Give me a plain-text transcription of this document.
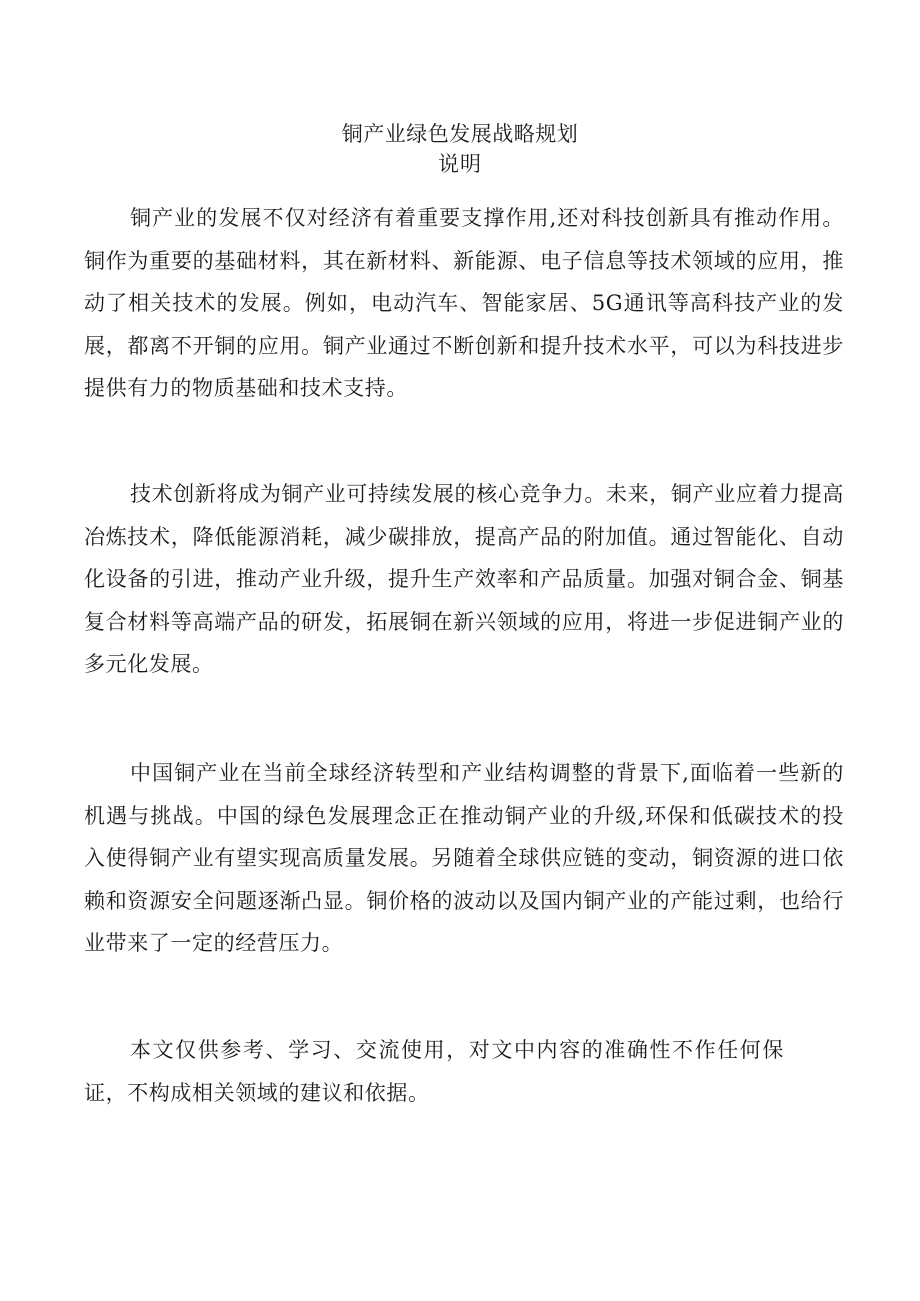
铜产业绿色发展战略规划
说明

铜产业的发展不仅对经济有着重要支撑作用,还对科技创新具有推动作用。铜作为重要的基础材料，其在新材料、新能源、电子信息等技术领域的应用，推动了相关技术的发展。例如，电动汽车、智能家居、5G通讯等高科技产业的发展，都离不开铜的应用。铜产业通过不断创新和提升技术水平，可以为科技进步提供有力的物质基础和技术支持。

技术创新将成为铜产业可持续发展的核心竞争力。未来，铜产业应着力提高冶炼技术，降低能源消耗，减少碳排放，提高产品的附加值。通过智能化、自动化设备的引进，推动产业升级，提升生产效率和产品质量。加强对铜合金、铜基复合材料等高端产品的研发，拓展铜在新兴领域的应用，将进一步促进铜产业的多元化发展。

中国铜产业在当前全球经济转型和产业结构调整的背景下,面临着一些新的机遇与挑战。中国的绿色发展理念正在推动铜产业的升级,环保和低碳技术的投入使得铜产业有望实现高质量发展。另随着全球供应链的变动，铜资源的进口依赖和资源安全问题逐渐凸显。铜价格的波动以及国内铜产业的产能过剩，也给行业带来了一定的经营压力。

本文仅供参考、学习、交流使用，对文中内容的准确性不作任何保证，不构成相关领域的建议和依据。
